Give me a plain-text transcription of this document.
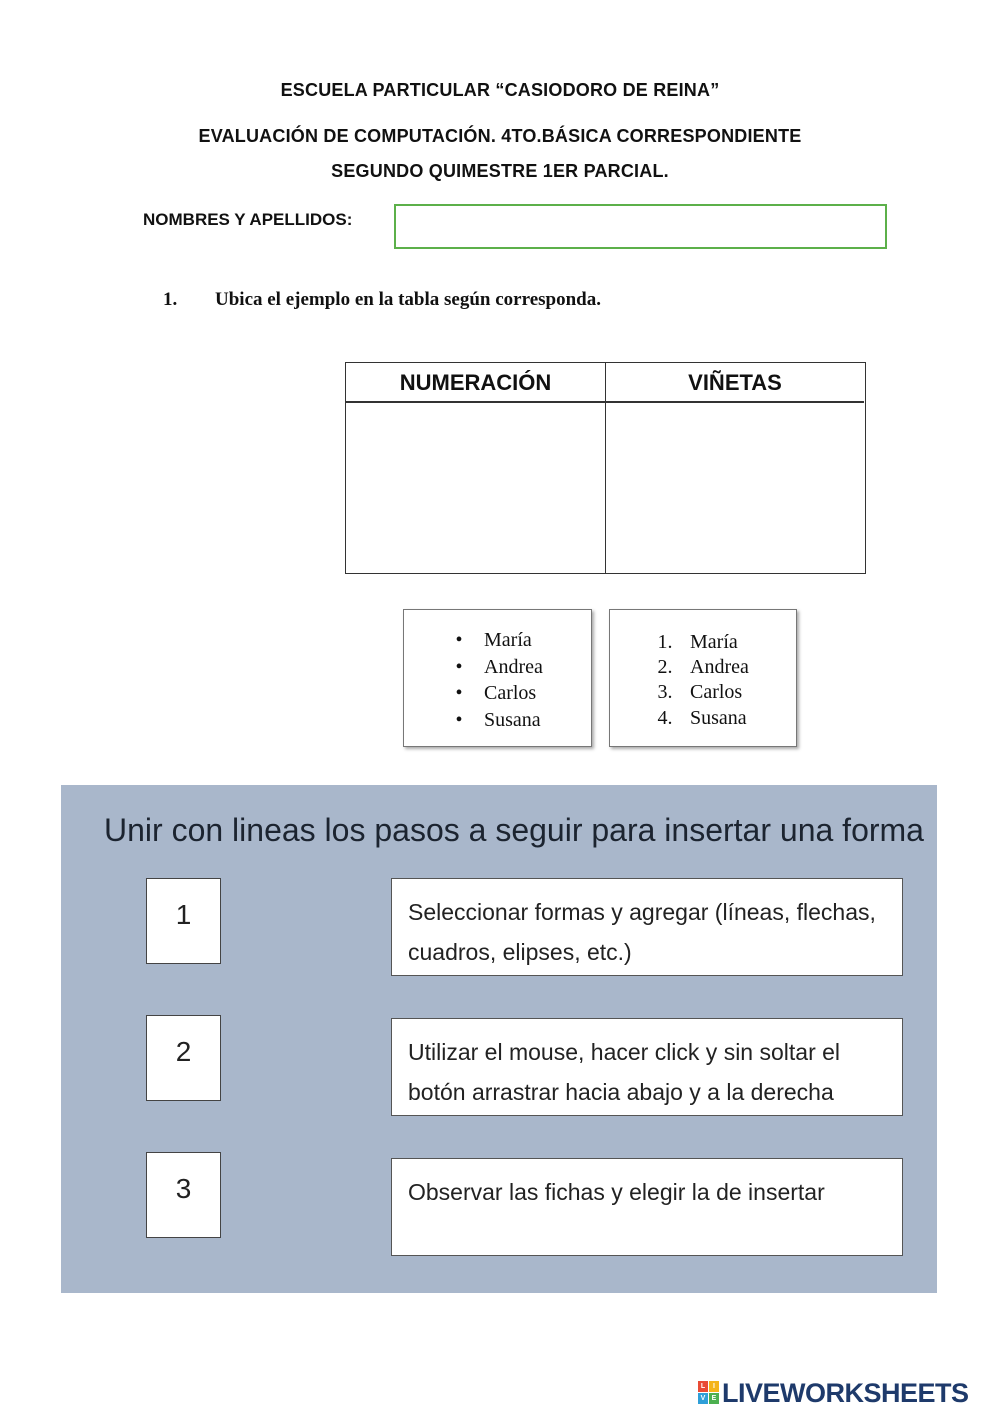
ESCUELA PARTICULAR “CASIODORO DE REINA”
EVALUACIÓN DE COMPUTACIÓN. 4TO.BÁSICA CORRESPONDIENTE
SEGUNDO QUIMESTRE 1ER PARCIAL.
NOMBRES Y APELLIDOS:
1. Ubica el ejemplo en la tabla según corresponda.
NUMERACIÓN	VIÑETAS
•	María
•	Andrea
•	Carlos
•	Susana
1. María
2. Andrea
3. Carlos
4. Susana
Unir con lineas los pasos a seguir para insertar una forma
1
2
3
Seleccionar formas y agregar (líneas, flechas, cuadros, elipses, etc.)
Utilizar el mouse, hacer click y sin soltar el botón arrastrar hacia abajo y a la derecha
Observar las fichas y elegir la de insertar
L	I
V E LIVEWORKSHEETS
